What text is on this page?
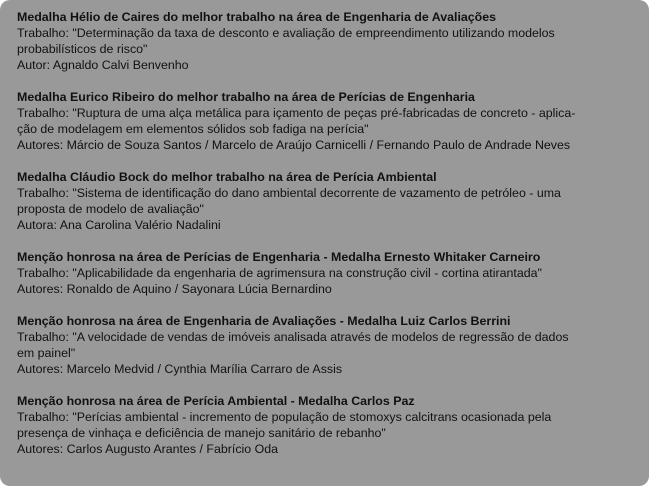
Medalha Hélio de Caires do melhor trabalho na área de Engenharia de Avaliações
Trabalho: "Determinação da taxa de desconto e avaliação de empreendimento utilizando modelos
probabilísticos de risco"
Autor: Agnaldo Calvi Benvenho
Medalha Eurico Ribeiro do melhor trabalho na área de Perícias de Engenharia
Trabalho: "Ruptura de uma alça metálica para içamento de peças pré-fabricadas de concreto - aplica-
ção de modelagem em elementos sólidos sob fadiga na perícia"
Autores: Márcio de Souza Santos / Marcelo de Araújo Carnicelli / Fernando Paulo de Andrade Neves
Medalha Cláudio Bock do melhor trabalho na área de Perícia Ambiental
Trabalho: "Sistema de identificação do dano ambiental decorrente de vazamento de petróleo - uma
proposta de modelo de avaliação"
Autora: Ana Carolina Valério Nadalini
Menção honrosa na área de Perícias de Engenharia - Medalha Ernesto Whitaker Carneiro
Trabalho: "Aplicabilidade da engenharia de agrimensura na construção civil - cortina atirantada"
Autores: Ronaldo de Aquino / Sayonara Lúcia Bernardino
Menção honrosa na área de Engenharia de Avaliações - Medalha Luiz Carlos Berrini
Trabalho: "A velocidade de vendas de imóveis analisada através de modelos de regressão de dados
em painel"
Autores: Marcelo Medvid / Cynthia Marília Carraro de Assis
Menção honrosa na área de Perícia Ambiental - Medalha Carlos Paz
Trabalho: "Perícias ambiental - incremento de população de stomoxys calcitrans ocasionada pela
presença de vinhaça e deficiência de manejo sanitário de rebanho"
Autores: Carlos Augusto Arantes / Fabrício Oda
